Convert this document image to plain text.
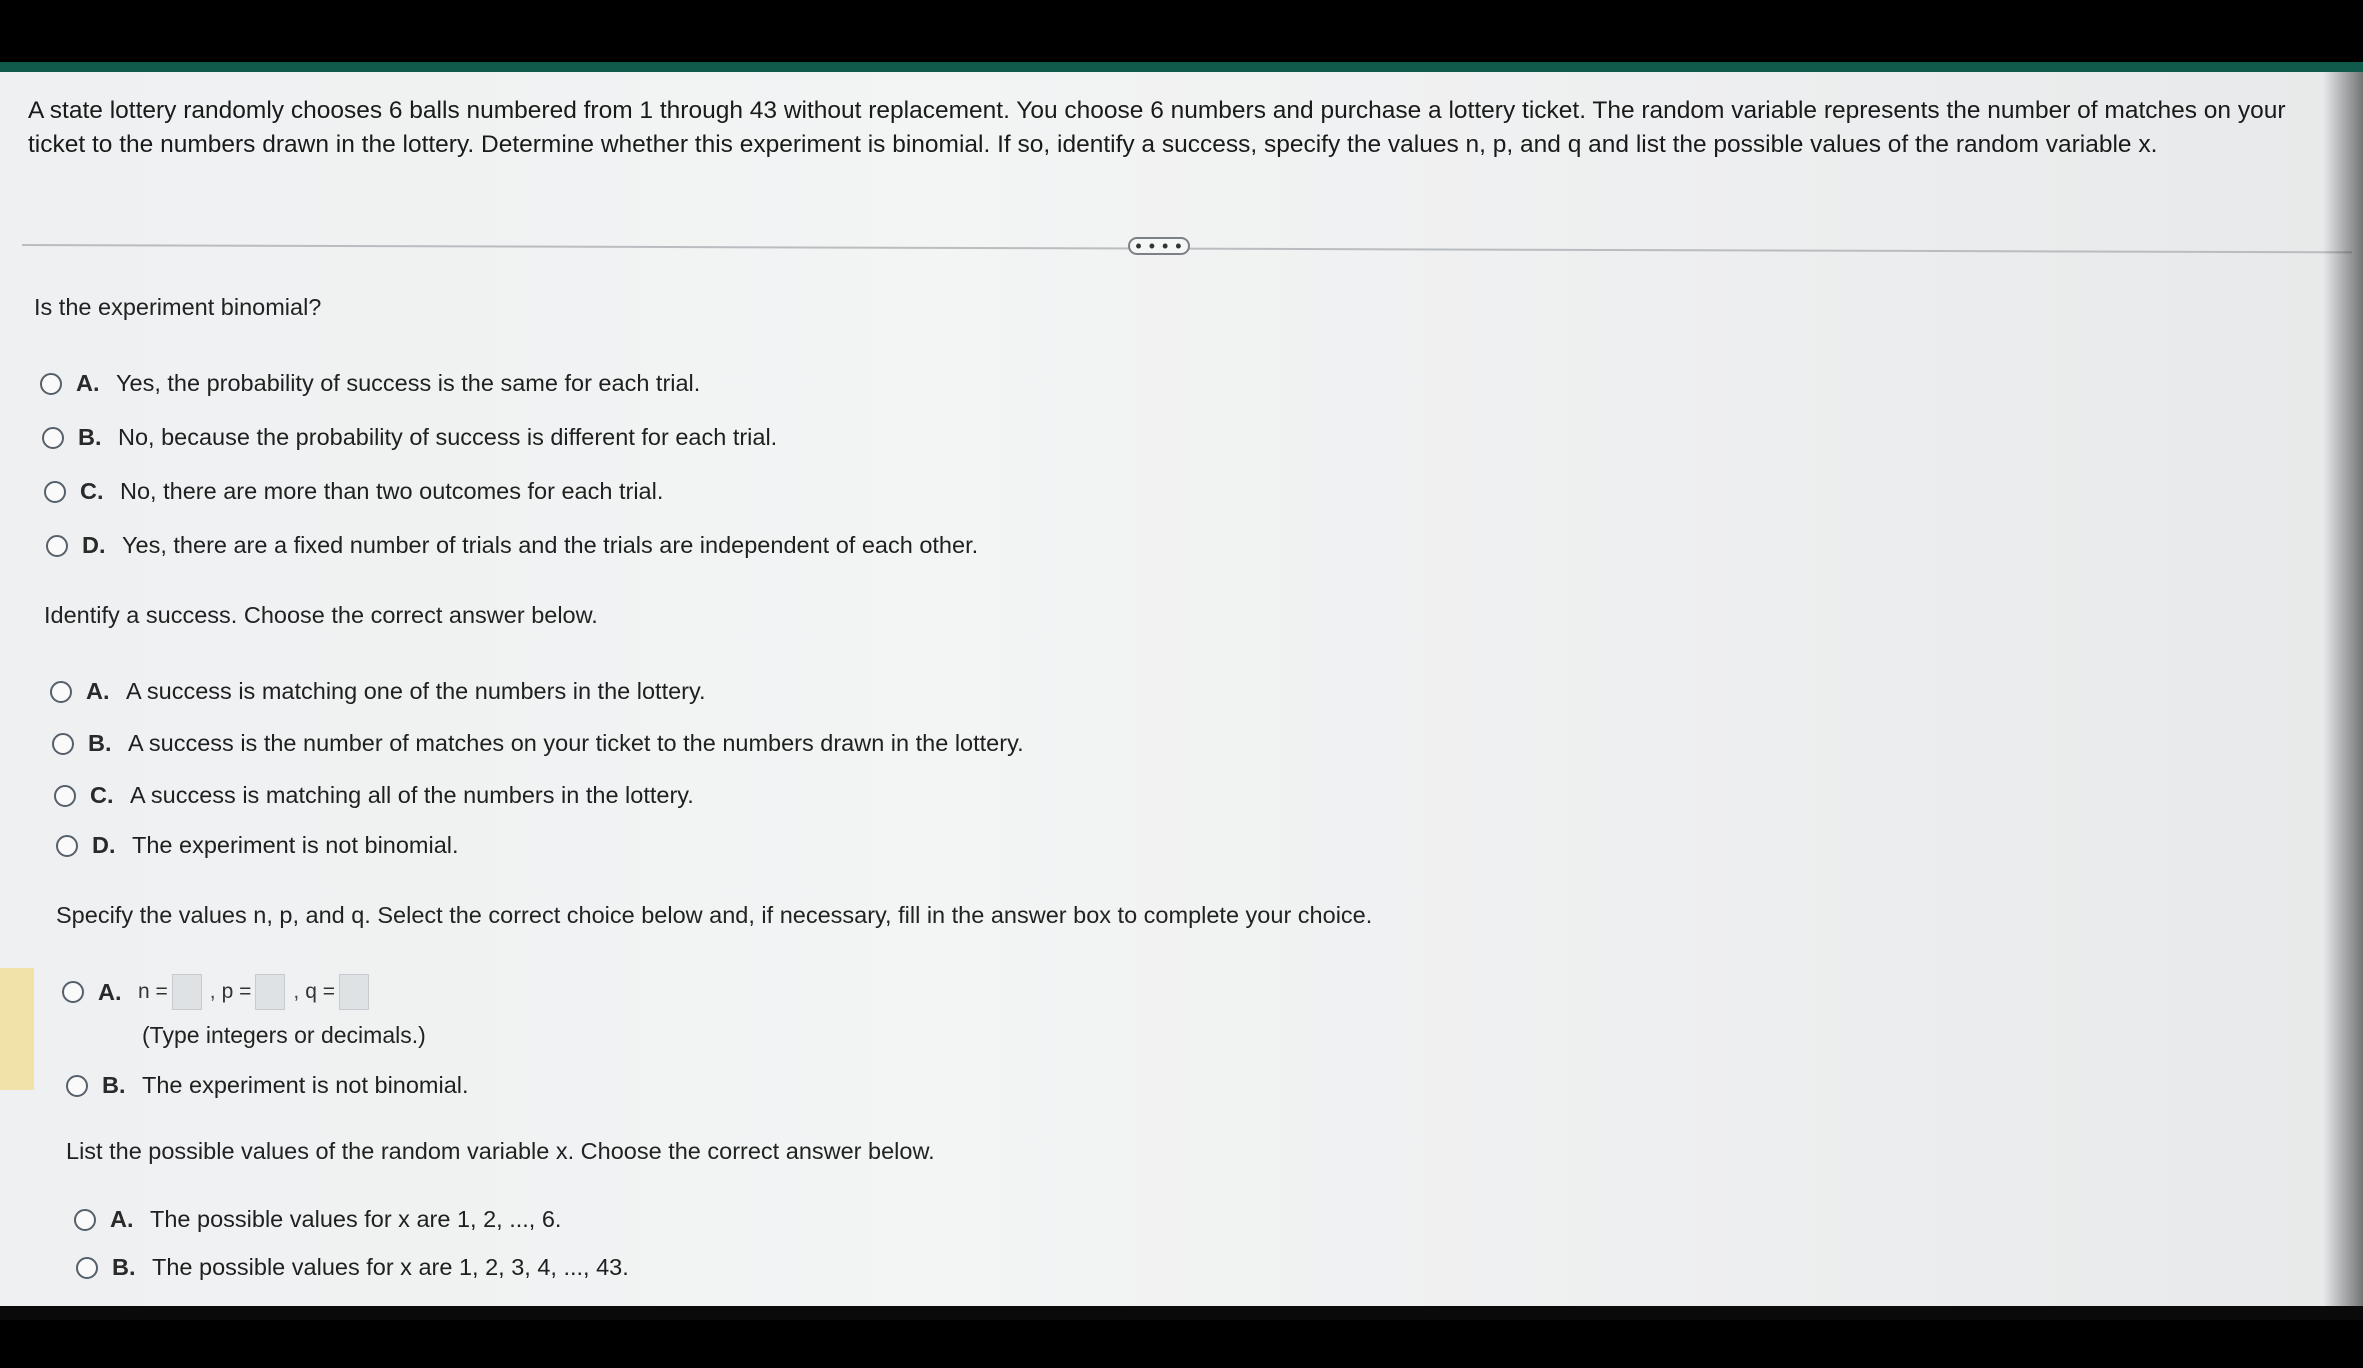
A state lottery randomly chooses 6 balls numbered from 1 through 43 without replacement. You choose 6 numbers and purchase a lottery ticket. The random variable represents the number of matches on your ticket to the numbers drawn in the lottery. Determine whether this experiment is binomial. If so, identify a success, specify the values n, p, and q and list the possible values of the random variable x.
• • • •
Is the experiment binomial?
A. Yes, the probability of success is the same for each trial.
B. No, because the probability of success is different for each trial.
C. No, there are more than two outcomes for each trial.
D. Yes, there are a fixed number of trials and the trials are independent of each other.
Identify a success. Choose the correct answer below.
A. A success is matching one of the numbers in the lottery.
B. A success is the number of matches on your ticket to the numbers drawn in the lottery.
C. A success is matching all of the numbers in the lottery.
D. The experiment is not binomial.
Specify the values n, p, and q. Select the correct choice below and, if necessary, fill in the answer box to complete your choice.
A. n = , p = , q =
(Type integers or decimals.)
B. The experiment is not binomial.
List the possible values of the random variable x. Choose the correct answer below.
A. The possible values for x are 1, 2, ..., 6.
B. The possible values for x are 1, 2, 3, 4, ..., 43.
